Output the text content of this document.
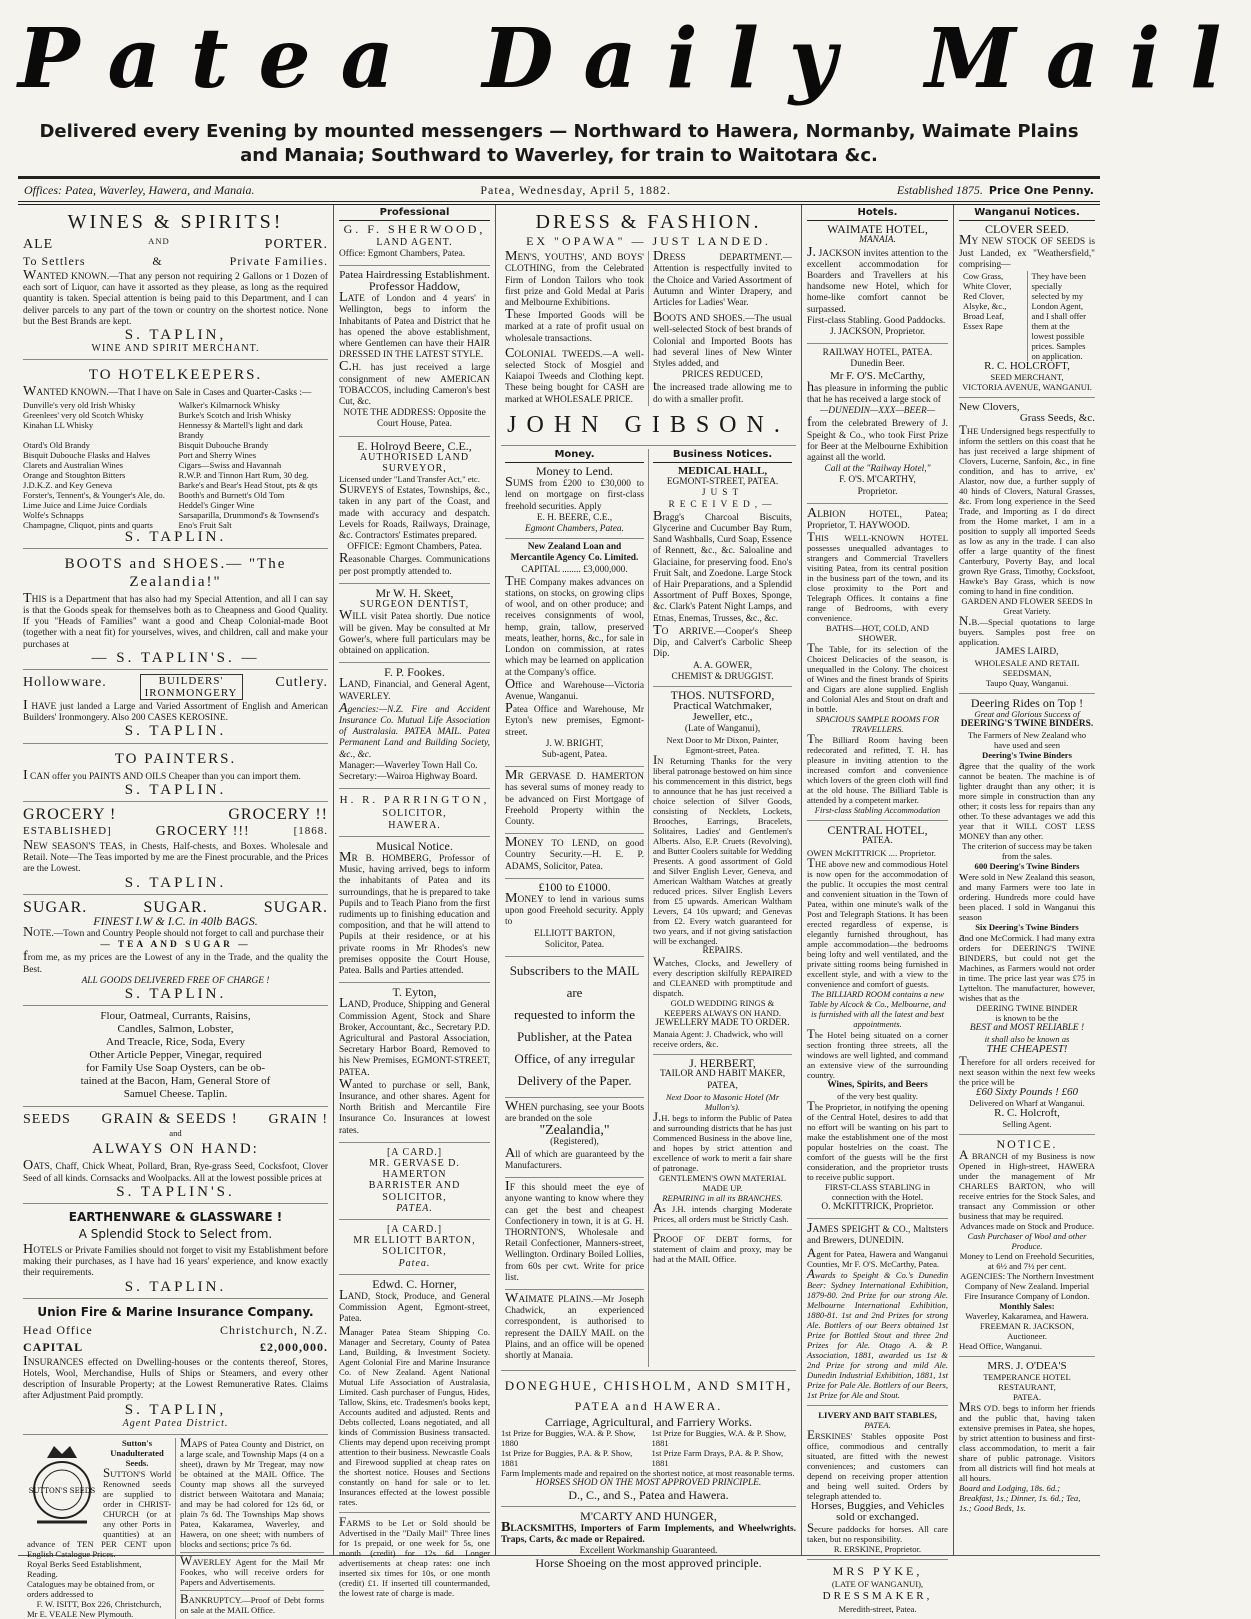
Patea Daily Mail
Delivered every Evening by mounted messengers — Northward to Hawera, Normanby, Waimate Plains and Manaia; Southward to Waverley, for train to Waitotara &c.
Offices: Patea, Waverley, Hawera, and Manaia.	Patea, Wednesday, April 5, 1882.	Established 1875. Price One Penny.
WINES & SPIRITS!
ALE	AND	PORTER.
To Settlers	&	Private Families.
WANTED KNOWN.—That any person not requiring 2 Gallons or 1 Dozen of each sort of Liquor, can have it assorted as they please, as long as the required quantity is taken. Special attention is being paid to this Department, and I can deliver parcels to any part of the town or country on the shortest notice. None but the Best Brands are kept.
S. TAPLIN,
WINE AND SPIRIT MERCHANT.
TO HOTELKEEPERS.
WANTED KNOWN.—That I have on Sale in Cases and Quarter-Casks :—
Dunville's very old Irish Whisky	Walker's Kilmarnock Whisky
Greenlees' very old Scotch Whisky	Burke's Scotch and Irish Whisky
Kinahan LL Whisky	Hennessy & Martell's light and dark Brandy
Otard's Old Brandy	Bisquit Dubouche Brandy
Bisquit Dubouche Flasks and Halves	Port and Sherry Wines
Clarets and Australian Wines	Cigars—Swiss and Havannah
Orange and Stoughton Bitters	R.W.P. and Tinnon Hart Rum, 30 deg.
J.D.K.Z. and Key Geneva	Barke's and Bear's Head Stout, pts & qts
Forster's, Tennent's, & Younger's Ale, do.	Booth's and Burnett's Old Tom
Lime Juice and Lime Juice Cordials	Heddel's Ginger Wine
Wolfe's Schnapps	Sarsaparilla, Drummond's & Townsend's
Champagne, Cliquot, pints and quarts	Eno's Fruit Salt
S. TAPLIN.
BOOTS and SHOES.— "The Zealandia!"
THIS is a Department that has also had my Special Attention, and all I can say is that the Goods speak for themselves both as to Cheapness and Good Quality. If you "Heads of Families" want a good and Cheap Colonial-made Boot (together with a neat fit) for yourselves, wives, and children, call and make your purchases at
— S. TAPLIN'S. —
Hollowware.	BUILDERS'
IRONMONGERY
Cutlery.
I HAVE just landed a Large and Varied Assortment of English and American Builders' Ironmongery. Also 200 CASES KEROSINE.
S. TAPLIN.
TO PAINTERS.
I CAN offer you PAINTS AND OILS Cheaper than you can import them.
S. TAPLIN.
GROCERY !	GROCERY !!
ESTABLISHED]	GROCERY !!!	[1868.
NEW SEASON'S TEAS, in Chests, Half-chests, and Boxes. Wholesale and Retail. Note—The Teas imported by me are the Finest procurable, and the Prices are the Lowest.
S. TAPLIN.
SUGAR.	SUGAR.	SUGAR.
FINEST I.W & I.C. in 40lb BAGS.
NOTE.—Town and Country People should not forget to call and purchase their
— TEA AND SUGAR —
from me, as my prices are the Lowest of any in the Trade, and the quality the Best.
ALL GOODS DELIVERED FREE OF CHARGE !
S. TAPLIN.
Flour, Oatmeal, Currants, Raisins,
Candles, Salmon, Lobster,
And Treacle, Rice, Soda, Every
Other Article Pepper, Vinegar, required
for Family Use Soap Oysters, can be ob-
tained at the Bacon, Ham, General Store of
Samuel Cheese. Taplin.
SEEDS GRAIN & SEEDS ! GRAIN !
and
ALWAYS ON HAND:
OATS, Chaff, Chick Wheat, Pollard, Bran, Rye-grass Seed, Cocksfoot, Clover Seed of all kinds. Cornsacks and Woolpacks. All at the lowest possible prices at
S. TAPLIN'S.
EARTHENWARE & GLASSWARE !
A Splendid Stock to Select from.
HOTELS or Private Families should not forget to visit my Establishment before making their purchases, as I have had 16 years' experience, and know exactly their requirements.
S. TAPLIN.
Union Fire & Marine Insurance Company.
Head Office	Christchurch, N.Z.
CAPITAL	£2,000,000.
INSURANCES effected on Dwelling-houses or the contents thereof, Stores, Hotels, Wool, Merchandise, Hulls of Ships or Steamers, and every other description of Insurable Property; at the Lowest Remunerative Rates. Claims after Adjustment Paid promptly.
S. TAPLIN,
Agent Patea District.
SUTTON'S SEEDS
Sutton's Unadulterated Seeds.
SUTTON'S World Renowned seeds are supplied to order in CHRIST-CHURCH (or at any other Ports in quantities) at an advance of TEN PER CENT upon English Catalogue Prices.
Royal Berks Seed Establishment, Reading.
Catalogues may be obtained from, or orders addressed to
F. W. ISITT, Box 226, Christchurch,
Mr E. VEALE New Plymouth.
MAPS of Patea County and District, on a large scale, and Township Maps (4 on a sheet), drawn by Mr Tregear, may now be obtained at the MAIL Office. The County map shows all the surveyed district between Waitotara and Manaia; and may be had colored for 12s 6d, or plain 7s 6d. The Townships Map shows Patea, Kakaramea, Waverley, and Hawera, on one sheet; with numbers of blocks and sections; price 7s 6d.
WAVERLEY Agent for the Mail Mr Fookes, who will receive orders for Papers and Advertisements.
BANKRUPTCY.—Proof of Debt forms on sale at the MAIL Office.
Professional
G. F. SHERWOOD,
LAND AGENT.
Office: Egmont Chambers, Patea.
Patea Hairdressing Establishment.
Professor Haddow,
LATE of London and 4 years' in Wellington, begs to inform the Inhabitants of Patea and District that he has opened the above establishment, where Gentlemen can have their HAIR DRESSED IN THE LATEST STYLE.
C.H. has just received a large consignment of new AMERICAN TOBACCOS, including Cameron's best Cut, &c.
NOTE THE ADDRESS: Opposite the Court House, Patea.
E. Holroyd Beere, C.E.,
AUTHORISED LAND SURVEYOR,
Licensed under "Land Transfer Act," etc.
SURVEYS of Estates, Townships, &c., taken in any part of the Coast, and made with accuracy and despatch. Levels for Roads, Railways, Drainage, &c. Contractors' Estimates prepared.
OFFICE: Egmont Chambers, Patea.
Reasonable Charges. Communications per post promptly attended to.
Mr W. H. Skeet,
SURGEON DENTIST,
WILL visit Patea shortly. Due notice will be given. May be consulted at Mr Gower's, where full particulars may be obtained on application.
F. P. Fookes.
LAND, Financial, and General Agent, WAVERLEY.
Agencies:—N.Z. Fire and Accident Insurance Co. Mutual Life Association of Australasia. PATEA MAIL. Patea Permanent Land and Building Society, &c., &c.
Manager:—Waverley Town Hall Co.
Secretary:—Wairoa Highway Board.
H. R. PARRINGTON,
SOLICITOR,
HAWERA.
Musical Notice.
MR B. HOMBERG, Professor of Music, having arrived, begs to inform the inhabitants of Patea and its surroundings, that he is prepared to take Pupils and to Teach Piano from the first rudiments up to finishing education and composition, and that he will attend to Pupils at their residence, or at his private rooms in Mr Rhodes's new premises opposite the Court House, Patea. Balls and Parties attended.
T. Eyton,
LAND, Produce, Shipping and General Commission Agent, Stock and Share Broker, Accountant, &c., Secretary P.D. Agricultural and Pastoral Association, Secretary Harbor Board, Removed to his New Premises, EGMONT-STREET, PATEA.
Wanted to purchase or sell, Bank, Insurance, and other shares. Agent for North British and Mercantile Fire Insurance Co. Insurances at lowest rates.
[A CARD.]
MR. GERVASE D. HAMERTON
BARRISTER AND SOLICITOR,
PATEA.
[A CARD.]
MR ELLIOTT BARTON,
SOLICITOR,
Patea.
Edwd. C. Horner,
LAND, Stock, Produce, and General Commission Agent, Egmont-street, Patea.
Manager Patea Steam Shipping Co. Manager and Secretary, County of Patea Land, Building, & Investment Society. Agent Colonial Fire and Marine Insurance Co. of New Zealand. Agent National Mutual Life Association of Australasia, Limited. Cash purchaser of Fungus, Hides, Tallow, Skins, etc. Tradesmen's books kept, Accounts audited and adjusted. Rents and Debts collected, Loans negotiated, and all kinds of Commission Business transacted. Clients may depend upon receiving prompt attention to their business. Newcastle Coals and Firewood supplied at cheap rates on the shortest notice. Houses and Sections constantly on hand for sale or to let. Insurances effected at the lowest possible rates.
FARMS to be Let or Sold should be Advertised in the "Daily Mail" Three lines for 1s prepaid, or one week for 5s, one month (credit) for 12s 6d. Longer advertisements at cheap rates: one inch inserted six times for 10s, or one month (credit) £1. If inserted till countermanded, the lowest rate of charge is made.
DRESS & FASHION.
EX "OPAWA" — JUST LANDED.
MEN'S, YOUTHS', AND BOYS' CLOTHING, from the Celebrated Firm of London Tailors who took first prize and Gold Medal at Paris and Melbourne Exhibitions.
These Imported Goods will be marked at a rate of profit usual on wholesale transactions.
COLONIAL TWEEDS.—A well-selected Stock of Mosgiel and Kaiapoi Tweeds and Clothing kept. These being bought for CASH are marked at WHOLESALE PRICE.
DRESS DEPARTMENT.—Attention is respectfully invited to the Choice and Varied Assortment of Autumn and Winter Drapery, and Articles for Ladies' Wear.
BOOTS AND SHOES.—The usual well-selected Stock of best brands of Colonial and Imported Boots has had several lines of New Winter Styles added, and
PRICES REDUCED,
the increased trade allowing me to do with a smaller profit.
JOHN GIBSON.
Money.
Money to Lend.
SUMS from £200 to £30,000 to lend on mortgage on first-class freehold securities. Apply
E. H. BEERE, C.E.,
Egmont Chambers, Patea.
New Zealand Loan and Mercantile Agency Co. Limited.
CAPITAL ........ £3,000,000.
THE Company makes advances on stations, on stocks, on growing clips of wool, and on other produce; and receives consignments of wool, hemp, grain, tallow, preserved meats, leather, horns, &c., for sale in London on commission, at rates which may be learned on application at the Company's office.
Office and Warehouse—Victoria Avenue, Wanganui.
Patea Office and Warehouse, Mr Eyton's new premises, Egmont-street.
J. W. BRIGHT,
Sub-agent, Patea.
MR GERVASE D. HAMERTON has several sums of money ready to be advanced on First Mortgage of Freehold Property within the County.
MONEY TO LEND, on good Country Security.—H. E. P. ADAMS, Solicitor, Patea.
£100 to £1000.
MONEY to lend in various sums upon good Freehold security. Apply to
ELLIOTT BARTON,
Solicitor, Patea.
Subscribers to the MAIL are
requested to inform the
Publisher, at the Patea
Office, of any irregular
Delivery of the Paper.
WHEN purchasing, see your Boots are branded on the sole
"Zealandia,"
(Registered),
All of which are guaranteed by the Manufacturers.
IF this should meet the eye of anyone wanting to know where they can get the best and cheapest Confectionery in town, it is at G. H. THORNTON'S, Wholesale and Retail Confectioner, Manners-street, Wellington. Ordinary Boiled Lollies, from 60s per cwt. Write for price list.
WAIMATE PLAINS.—Mr Joseph Chadwick, an experienced correspondent, is authorised to represent the DAILY MAIL on the Plains, and an office will be opened shortly at Manaia.
Business Notices.
MEDICAL HALL,
EGMONT-STREET, PATEA.
JUST RECEIVED,—
Bragg's Charcoal Biscuits, Glycerine and Cucumber Bay Rum, Sand Washballs, Curd Soap, Essence of Rennett, &c., &c. Saloaline and Glaciaine, for preserving food. Eno's Fruit Salt, and Zoedone. Large Stock of Hair Preparations, and a Splendid Assortment of Puff Boxes, Sponge, &c. Clark's Patent Night Lamps, and Etnas, Enemas, Trusses, &c., &c.
TO ARRIVE.—Cooper's Sheep Dip, and Calvert's Carbolic Sheep Dip.
A. A. GOWER,
CHEMIST & DRUGGIST.
THOS. NUTSFORD,
Practical Watchmaker,
Jeweller, etc.,
(Late of Wanganui),
Next Door to Mr Dixon, Painter, Egmont-street, Patea.
IN Returning Thanks for the very liberal patronage bestowed on him since his commencement in this district, begs to announce that he has just received a choice selection of Silver Goods, consisting of Necklets, Lockets, Brooches, Earrings, Bracelets, Solitaires, Ladies' and Gentlemen's Alberts. Also, E.P. Cruets (Revolving), and Butter Coolers suitable for Wedding Presents. A good assortment of Gold and Silver English Lever, Geneva, and American Waltham Watches at greatly reduced prices. Silver English Levers from £5 upwards. American Waltham Levers, £4 10s upward; and Genevas from £2. Every watch guaranteed for two years, and if not giving satisfaction will be exchanged.
REPAIRS.
Watches, Clocks, and Jewellery of every description skilfully REPAIRED and CLEANED with promptitude and dispatch.
GOLD WEDDING RINGS & KEEPERS ALWAYS ON HAND.
JEWELLERY MADE TO ORDER.
Manaia Agent: J. Chadwick, who will receive orders, &c.
J. HERBERT,
TAILOR AND HABIT MAKER,
PATEA,
Next Door to Masonic Hotel (Mr Mullon's).
J.H. begs to inform the Public of Patea and surrounding districts that he has just Commenced Business in the above line, and hopes by strict attention and excellence of work to merit a fair share of patronage.
GENTLEMEN'S OWN MATERIAL MADE UP.
REPAIRING in all its BRANCHES.
As J.H. intends charging Moderate Prices, all orders must be Strictly Cash.
PROOF OF DEBT forms, for statement of claim and proxy, may be had at the MAIL Office.
DONEGHUE, CHISHOLM, AND SMITH,
PATEA and HAWERA.
Carriage, Agricultural, and Farriery Works.
1st Prize for Buggies, W.A. & P. Show, 1880
1st Prize for Buggies, W.A. & P. Show, 1881
1st Prize for Buggies, P.A. & P. Show, 1881
1st Prize Farm Drays, P.A. & P. Show, 1881
Farm Implements made and repaired on the shortest notice, at most reasonable terms.
HORSES SHOD ON THE MOST APPROVED PRINCIPLE.
D., C., and S., Patea and Hawera.
M'CARTY AND HUNGER,
BLACKSMITHS, Importers of Farm Implements, and Wheelwrights. Traps, Carts, &c made or Repaired.
Excellent Workmanship Guaranteed.
Horse Shoeing on the most approved principle.
Hotels.
WAIMATE HOTEL,
MANAIA.
J. JACKSON invites attention to the excellent accommodation for Boarders and Travellers at his handsome new Hotel, which for home-like comfort cannot be surpassed.
First-class Stabling. Good Paddocks.
J. JACKSON, Proprietor.
RAILWAY HOTEL, PATEA.
Dunedin Beer.
Mr F. O'S. McCarthy,
has pleasure in informing the public that he has received a large stock of
—DUNEDIN—XXX—BEER—
from the celebrated Brewery of J. Speight & Co., who took First Prize for Beer at the Melbourne Exhibition against all the world.
Call at the "Railway Hotel,"
F. O'S. M'CARTHY,
Proprietor.
ALBION HOTEL, Patea; Proprietor, T. HAYWOOD.
THIS WELL-KNOWN HOTEL possesses unequalled advantages to strangers and Commercial Travellers visiting Patea, from its central position in the business part of the town, and its close proximity to the Port and Telegraph Offices. It contains a fine range of Bedrooms, with every convenience.
BATHS—HOT, COLD, AND SHOWER.
The Table, for its selection of the Choicest Delicacies of the season, is unequalled in the Colony. The choicest of Wines and the finest brands of Spirits and Cigars are alone supplied. English and Colonial Ales and Stout on draft and in bottle.
SPACIOUS SAMPLE ROOMS FOR TRAVELLERS.
The Billiard Room having been redecorated and refitted, T. H. has pleasure in inviting attention to the increased comfort and convenience which lovers of the green cloth will find at the old house. The Billiard Table is attended by a competent marker.
First-class Stabling Accommodation
CENTRAL HOTEL,
PATEA.
OWEN McKITTRICK .... Proprietor.
THE above new and commodious Hotel is now open for the accommodation of the public. It occupies the most central and convenient situation in the Town of Patea, within one minute's walk of the Post and Telegraph Stations. It has been erected regardless of expense, is elegantly furnished throughout, has ample accommodation—the bedrooms being lofty and well ventilated, and the private sitting rooms being furnished in excellent style, and with a view to the convenience and comfort of guests.
The BILLIARD ROOM contains a new Table by Alcock & Co., Melbourne, and is furnished with all the latest and best appointments.
The Hotel being situated on a corner section fronting three streets, all the windows are well lighted, and command an extensive view of the surrounding country.
Wines, Spirits, and Beers
of the very best quality.
The Proprietor, in notifying the opening of the Central Hotel, desires to add that no effort will be wanting on his part to make the establishment one of the most popular hostelries on the coast. The comfort of the guests will be the first consideration, and the proprietor trusts to receive public support.
FIRST-CLASS STABLING in connection with the Hotel.
O. McKITTRICK, Proprietor.
JAMES SPEIGHT & CO., Maltsters and Brewers, DUNEDIN.
Agent for Patea, Hawera and Wanganui Counties, Mr F. O'S. McCarthy, Patea.
Awards to Speight & Co.'s Dunedin Beer: Sydney International Exhibition, 1879-80. 2nd Prize for our strong Ale. Melbourne International Exhibition, 1880-81. 1st and 2nd Prizes for strong Ale. Bottlers of our Beers obtained 1st Prize for Bottled Stout and three 2nd Prizes for Ale. Otago A. & P. Association, 1881, awarded us 1st & 2nd Prize for strong and mild Ale. Dunedin Industrial Exhibition, 1881, 1st Prize for Pale Ale. Bottlers of our Beers, 1st Prize for Ale and Stout.
LIVERY AND BAIT STABLES,
PATEA.
ERSKINES' Stables opposite Post office, commodious and centrally situated, are fitted with the newest conveniences; and customers can depend on receiving proper attention and being well suited. Orders by telegraph attended to.
Horses, Buggies, and Vehicles sold or exchanged.
Secure paddocks for horses. All care taken, but no responsibility.
R. ERSKINE, Proprietor.
MRS PYKE,
(LATE OF WANGANUI),
DRESSMAKER,
Meredith-street, Patea.
Wanganui Notices.
CLOVER SEED.
MY NEW STOCK OF SEEDS is Just Landed, ex "Weathersfield," comprising—
Cow Grass, White Clover, Red Clover, Alsyke, &c., Broad Leaf, Essex Rape
They have been specially selected by my London Agent, and I shall offer them at the lowest possible prices. Samples on application.
R. C. HOLCROFT,
SEED MERCHANT,
VICTORIA AVENUE, WANGANUI.
New Clovers,
Grass Seeds, &c.
THE Undersigned begs respectfully to inform the settlers on this coast that he has just received a large shipment of Clovers, Lucerne, Sanfoin, &c., in fine condition, and has to arrive, ex' Alastor, now due, a further supply of 40 hinds of Clovers, Natural Grasses, &c. From long experience in the Seed Trade, and Importing as I do direct from the Home market, I am in a position to supply all imported Seeds as low as any in the trade. I can also offer a large quantity of the finest Canterbury, Poverty Bay, and local grown Rye Grass, Timothy, Cocksfoot, Hawke's Bay Grass, which is now coming to hand in fine condition.
GARDEN AND FLOWER SEEDS In Great Variety.
N.B.—Special quotations to large buyers. Samples post free on application.
JAMES LAIRD,
WHOLESALE AND RETAIL SEEDSMAN,
Taupo Quay, Wanganui.
Deering Rides on Top !
Great and Glorious Success of
DEERING'S TWINE BINDERS.
The Farmers of New Zealand who have used and seen
Deering's Twine Binders
agree that the quality of the work cannot be beaten. The machine is of lighter draught than any other; it is more simple in construction than any other; it costs less for repairs than any other. To these advantages we add this year that it WILL COST LESS MONEY than any other.
The criterion of success may be taken from the sales.
600 Deering's Twine Binders
were sold in New Zealand this season, and many Farmers were too late in ordering. Hundreds more could have been placed. I sold in Wanganui this season
Six Deering's Twine Binders
and one McCormick. I had many extra orders for DEERING'S TWINE BINDERS, but could not get the Machines, as Farmers would not order in time. The price last year was £75 in Lyttelton. The manufacturer, however, wishes that as the
DEERING TWINE BINDER
is known to be the
BEST and MOST RELIABLE !
it shall also be known as
THE CHEAPEST!
Therefore for all orders received for next season within the next few weeks the price will be
£60 Sixty Pounds ! £60
Delivered on Wharf at Wanganui.
R. C. Holcroft,
Selling Agent.
NOTICE.
A BRANCH of my Business is now Opened in High-street, HAWERA under the management of Mr CHARLES BARTON, who will receive entries for the Stock Sales, and transact any Commission or other business that may be required.
Advances made on Stock and Produce.
Cash Purchaser of Wool and other Produce.
Money to Lend on Freehold Securities, at 6½ and 7½ per cent.
AGENCIES: The Northern Investment Company of New Zealand. Imperial Fire Insurance Company of London.
Monthly Sales:
Waverley, Kakaramea, and Hawera.
FREEMAN R. JACKSON,
Auctioneer.
Head Office, Wanganui.
MRS. J. O'DEA'S
TEMPERANCE HOTEL RESTAURANT,
PATEA.
MRS O'D. begs to inform her friends and the public that, having taken extensive premises in Patea, she hopes, by strict attention to business and first-class accommodation, to merit a fair share of public patronage. Visitors from all districts will find hot meals at all hours.
Board and Lodging, 18s. 6d.; Breakfast, 1s.; Dinner, 1s. 6d.; Tea, 1s.; Good Beds, 1s.
